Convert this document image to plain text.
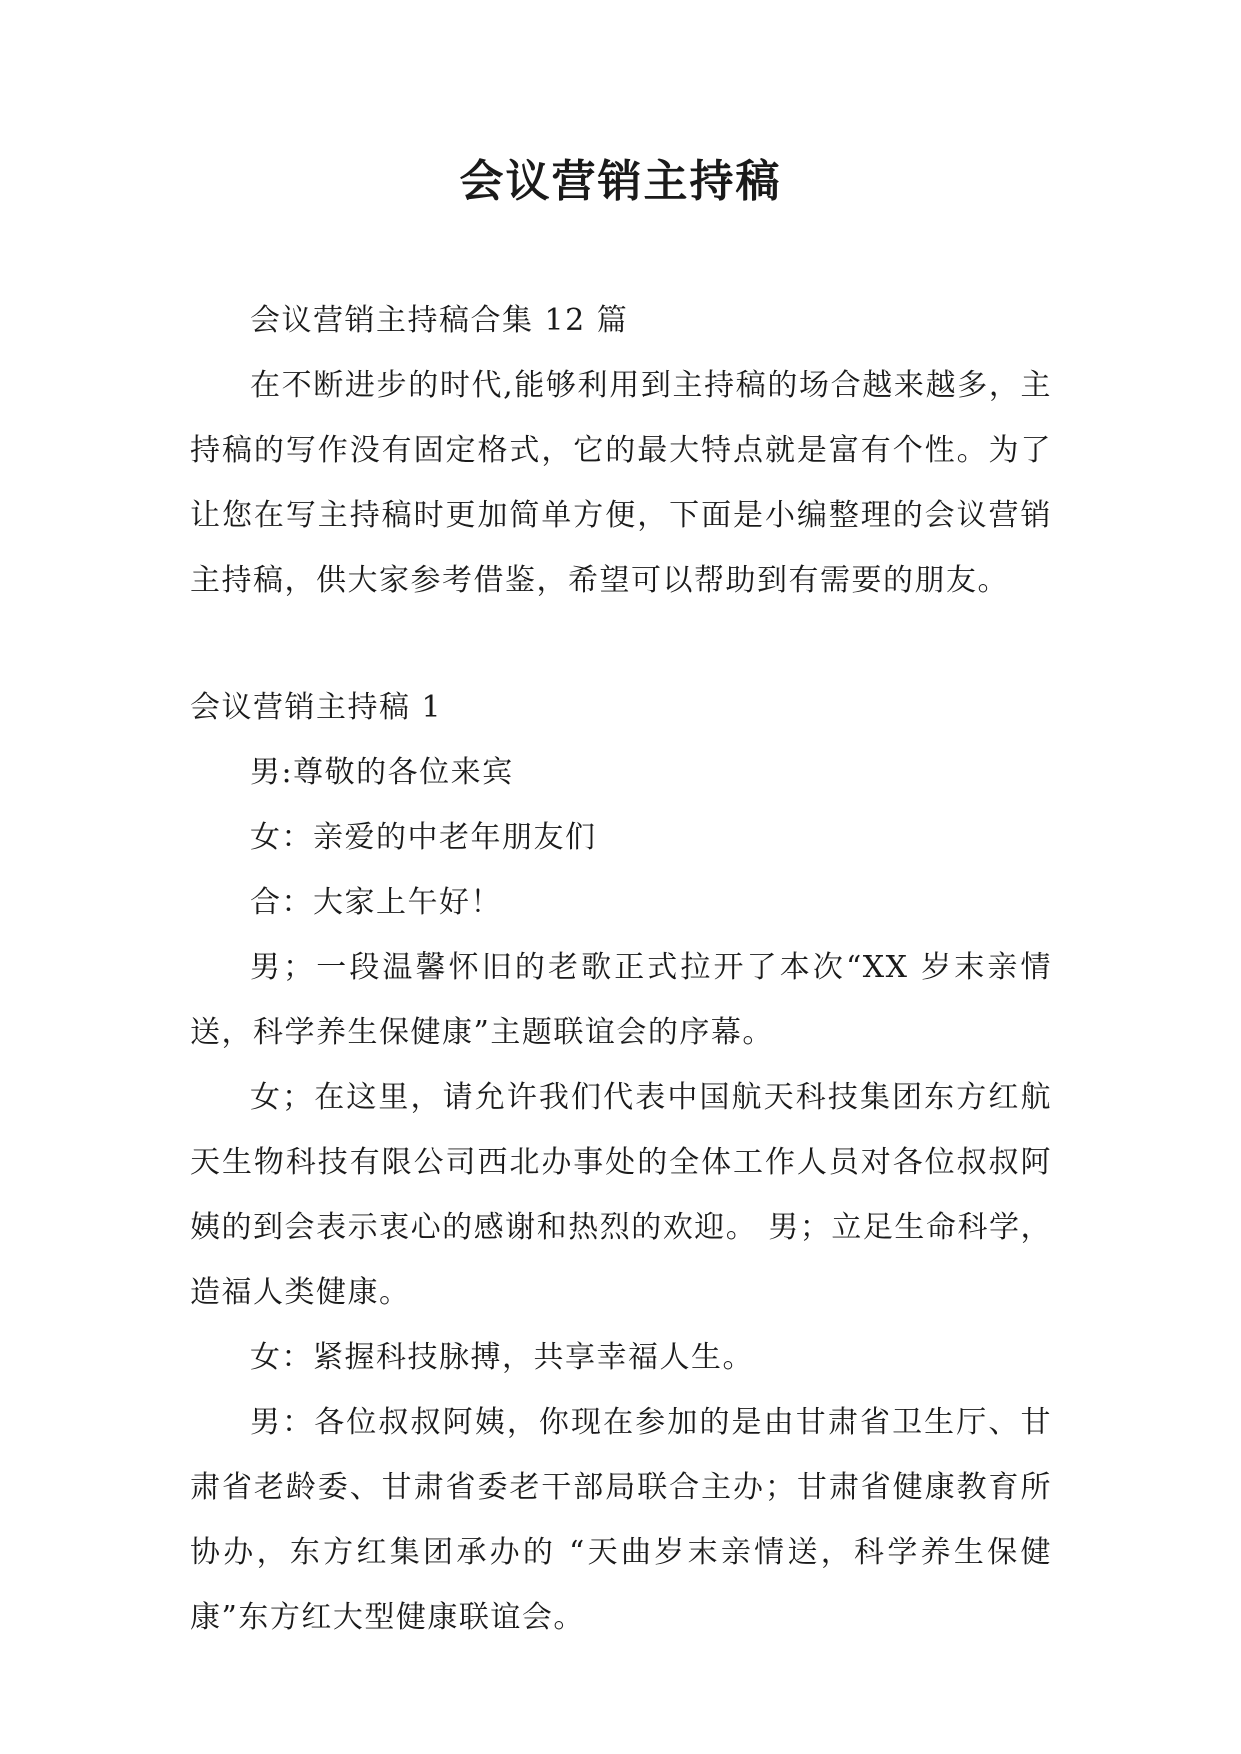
会议营销主持稿

会议营销主持稿合集 12 篇

在不断进步的时代,能够利用到主持稿的场合越来越多，主持稿的写作没有固定格式，它的最大特点就是富有个性。为了让您在写主持稿时更加简单方便，下面是小编整理的会议营销主持稿，供大家参考借鉴，希望可以帮助到有需要的朋友。

会议营销主持稿 1

男:尊敬的各位来宾

女：亲爱的中老年朋友们

合：大家上午好！

男；一段温馨怀旧的老歌正式拉开了本次“XX 岁末亲情送，科学养生保健康”主题联谊会的序幕。

女；在这里，请允许我们代表中国航天科技集团东方红航天生物科技有限公司西北办事处的全体工作人员对各位叔叔阿姨的到会表示衷心的感谢和热烈的欢迎。 男；立足生命科学，造福人类健康。

女：紧握科技脉搏，共享幸福人生。

男：各位叔叔阿姨，你现在参加的是由甘肃省卫生厅、甘肃省老龄委、甘肃省委老干部局联合主办；甘肃省健康教育所协办，东方红集团承办的 “天曲岁末亲情送，科学养生保健康”东方红大型健康联谊会。
